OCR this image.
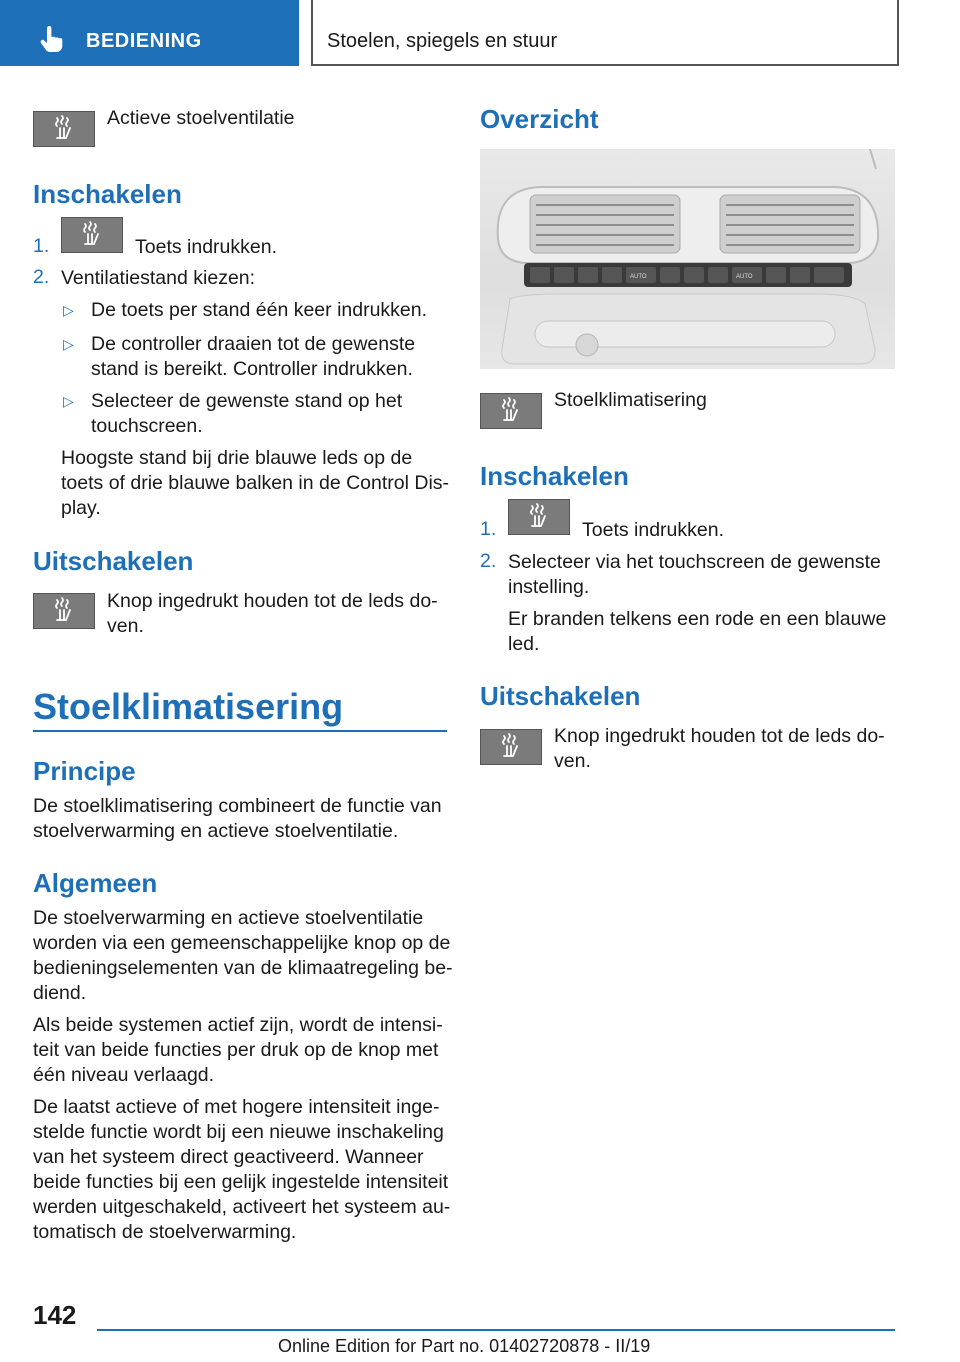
BEDIENING	Stoelen, spiegels en stuur
Actieve stoelventilatie
Inschakelen
1.	Toets indrukken.
2. Ventilatiestand kiezen:
▷ De toets per stand één keer indrukken.
▷ De controller draaien tot de gewenste
stand is bereikt. Controller indrukken.
▷ Selecteer de gewenste stand op het
touchscreen.
Hoogste stand bij drie blauwe leds op de
toets of drie blauwe balken in de Control Dis-
play.
Uitschakelen
Knop ingedrukt houden tot de leds do-
ven.
Stoelklimatisering
Principe
De stoelklimatisering combineert de functie van
stoelverwarming en actieve stoelventilatie.
Algemeen
De stoelverwarming en actieve stoelventilatie
worden via een gemeenschappelijke knop op de
bedieningselementen van de klimaatregeling be-
diend.
Als beide systemen actief zijn, wordt de intensi-
teit van beide functies per druk op de knop met
één niveau verlaagd.
De laatst actieve of met hogere intensiteit inge-
stelde functie wordt bij een nieuwe inschakeling
van het systeem direct geactiveerd. Wanneer
beide functies bij een gelijk ingestelde intensiteit
werden uitgeschakeld, activeert het systeem au-
tomatisch de stoelverwarming.
Overzicht
AUTO	AUTO
Stoelklimatisering
Inschakelen
1.	Toets indrukken.
2. Selecteer via het touchscreen de gewenste
instelling.
Er branden telkens een rode en een blauwe
led.
Uitschakelen
Knop ingedrukt houden tot de leds do-
ven.
142
Online Edition for Part no. 01402720878 - II/19
